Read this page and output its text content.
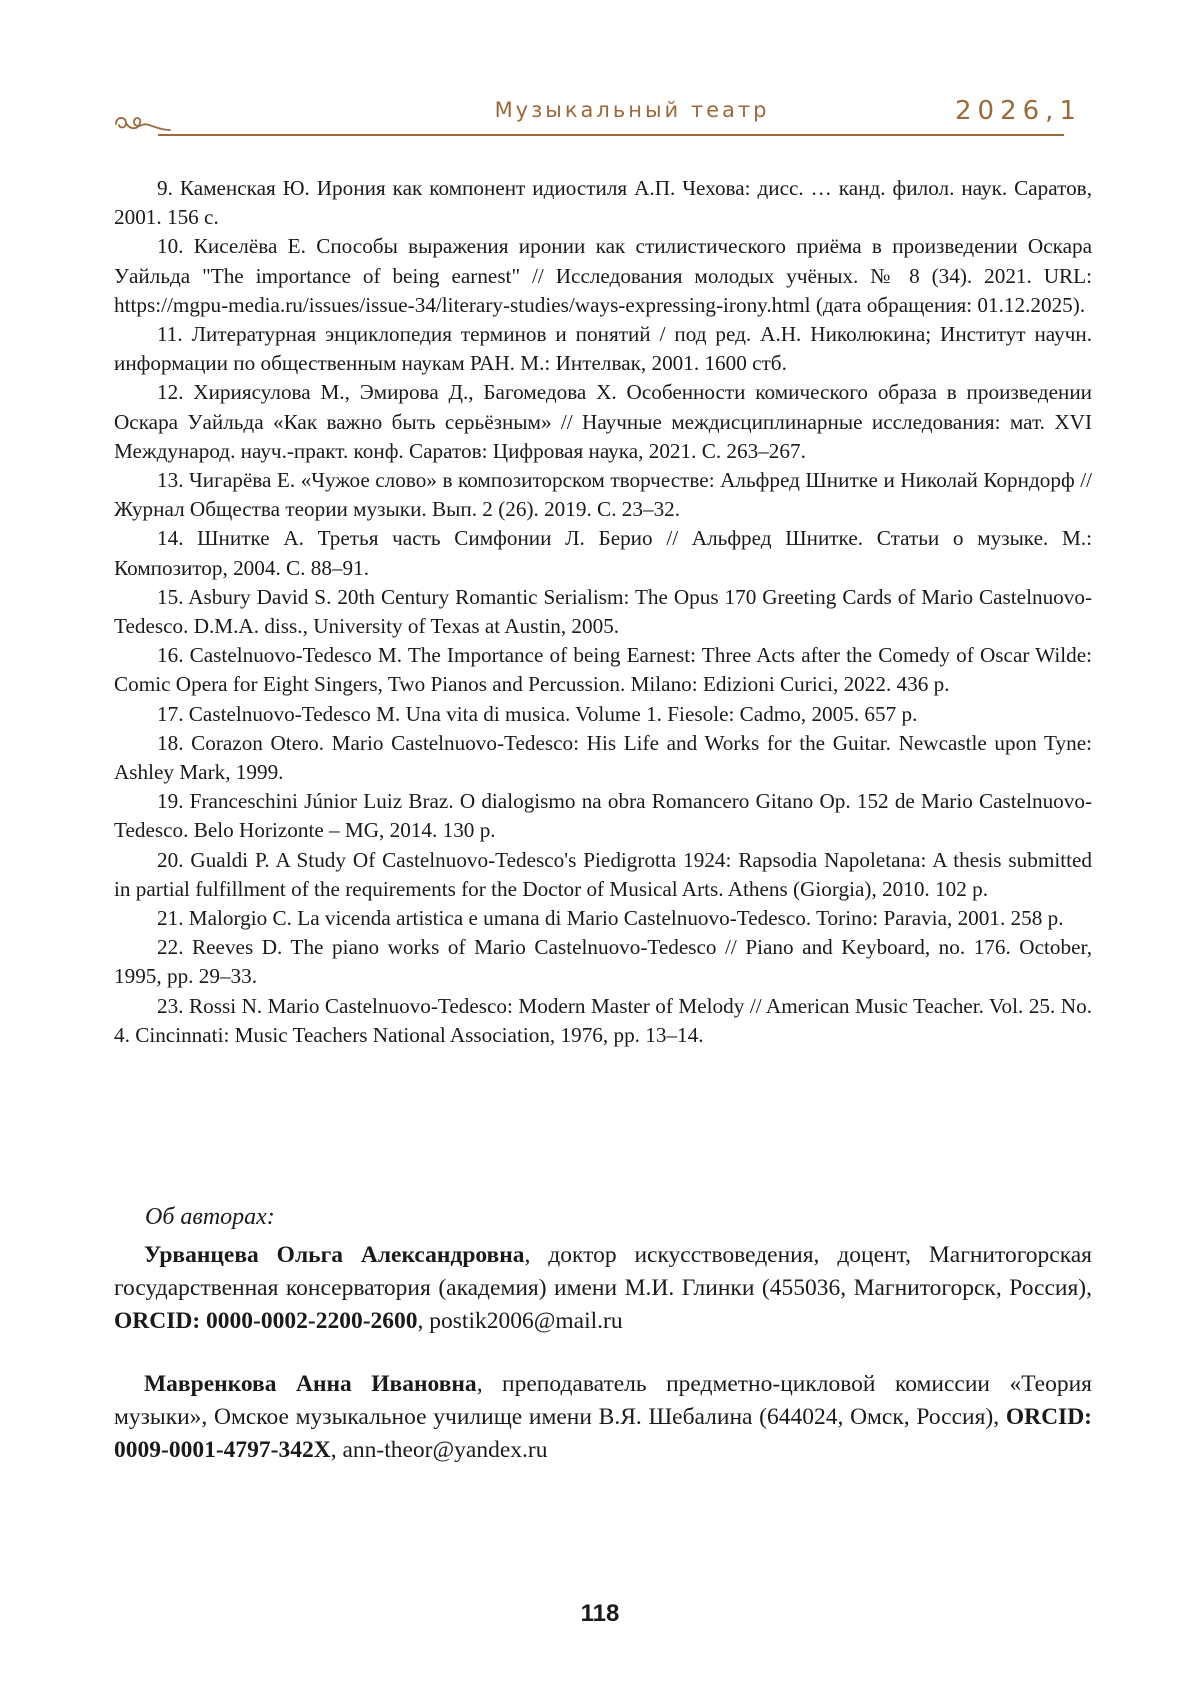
Музыкальный театр	2026,1

9. Каменская Ю. Ирония как компонент идиостиля А.П. Чехова: дисс. … канд. филол. наук. Саратов, 2001. 156 с.

10. Киселёва Е. Способы выражения иронии как стилистического приёма в произведении Оскара Уайльда "The importance of being earnest" // Исследования молодых учёных. № 8 (34). 2021. URL: https://mgpu-media.ru/issues/issue-34/literary-studies/ways-expressing-irony.html (дата обращения: 01.12.2025).

11. Литературная энциклопедия терминов и понятий / под ред. А.Н. Николюкина; Институт научн. информации по общественным наукам РАН. М.: Интелвак, 2001. 1600 стб.

12. Хириясулова М., Эмирова Д., Багомедова Х. Особенности комического образа в произведении Оскара Уайльда «Как важно быть серьёзным» // Научные междисциплинарные исследования: мат. XVI Международ. науч.-практ. конф. Саратов: Цифровая наука, 2021. С. 263–267.

13. Чигарёва Е. «Чужое слово» в композиторском творчестве: Альфред Шнитке и Николай Корндорф // Журнал Общества теории музыки. Вып. 2 (26). 2019. С. 23–32.

14. Шнитке А. Третья часть Симфонии Л. Берио // Альфред Шнитке. Статьи о музыке. М.: Композитор, 2004. С. 88–91.

15. Asbury David S. 20th Century Romantic Serialism: The Opus 170 Greeting Cards of Mario Castelnuovo-Tedesco. D.M.A. diss., University of Texas at Austin, 2005.

16. Castelnuovo-Tedesco M. The Importance of being Earnest: Three Acts after the Comedy of Oscar Wilde: Comic Opera for Eight Singers, Two Pianos and Percussion. Milano: Edizioni Curici, 2022. 436 p.

17. Castelnuovo-Tedesco M. Una vita di musica. Volume 1. Fiesole: Cadmo, 2005. 657 p.

18. Corazon Otero. Mario Castelnuovo-Tedesco: His Life and Works for the Guitar. Newcastle upon Tyne: Ashley Mark, 1999.

19. Franceschini Júnior Luiz Braz. O dialogismo na obra Romancero Gitano Op. 152 de Mario Castelnuovo-Tedesco. Belo Horizonte – MG, 2014. 130 p.

20. Gualdi P. A Study Of Castelnuovo-Tedesco's Piedigrotta 1924: Rapsodia Napoletana: A thesis submitted in partial fulfillment of the requirements for the Doctor of Musical Arts. Athens (Giorgia), 2010. 102 p.

21. Malorgio C. La vicenda artistica e umana di Mario Castelnuovo-Tedesco. Torino: Paravia, 2001. 258 p.

22. Reeves D. The piano works of Mario Castelnuovo-Tedesco // Piano and Keyboard, no. 176. October, 1995, pp. 29–33.

23. Rossi N. Mario Castelnuovo-Tedesco: Modern Master of Melody // American Music Teacher. Vol. 25. No. 4. Cincinnati: Music Teachers National Association, 1976, pp. 13–14.

Об авторах:

Урванцева Ольга Александровна, доктор искусствоведения, доцент, Магнитогорская государственная консерватория (академия) имени М.И. Глинки (455036, Магнитогорск, Россия), ORCID: 0000-0002-2200-2600, postik2006@mail.ru

Мавренкова Анна Ивановна, преподаватель предметно-цикловой комиссии «Теория музыки», Омское музыкальное училище имени В.Я. Шебалина (644024, Омск, Россия), ORCID: 0009-0001-4797-342X, ann-theor@yandex.ru

118
